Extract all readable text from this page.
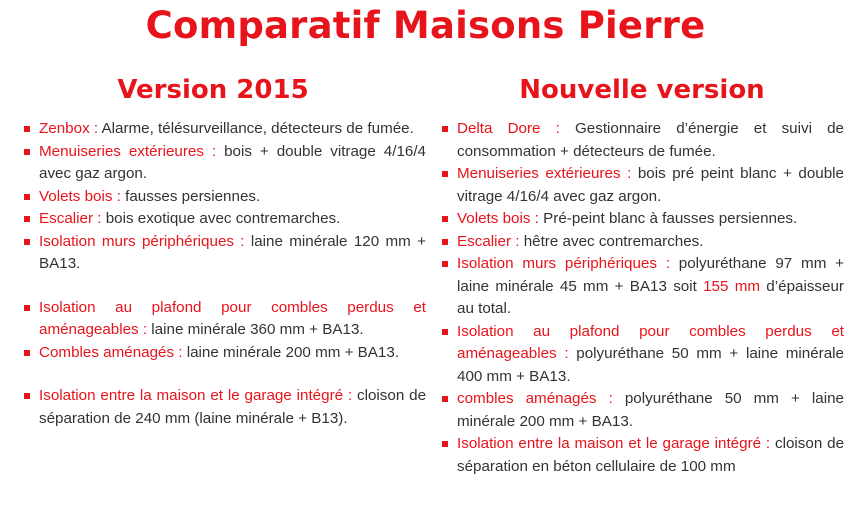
Comparatif Maisons Pierre
Version 2015
Zenbox : Alarme, télésurveillance, détecteurs de fumée.
Menuiseries extérieures : bois + double vitrage 4/16/4 avec gaz argon.
Volets bois : fausses persiennes.
Escalier : bois exotique avec contremarches.
Isolation murs périphériques : laine minérale 120 mm + BA13.
Isolation au plafond pour combles perdus et aménageables : laine minérale 360 mm + BA13.
Combles aménagés : laine minérale 200 mm + BA13.
Isolation entre la maison et le garage intégré : cloison de séparation de 240 mm (laine minérale + B13).
Nouvelle version
Delta Dore : Gestionnaire d’énergie et suivi de consommation + détecteurs de fumée.
Menuiseries extérieures : bois pré peint blanc + double vitrage 4/16/4 avec gaz argon.
Volets bois : Pré-peint blanc à fausses persiennes.
Escalier : hêtre avec contremarches.
Isolation murs périphériques : polyuréthane 97 mm + laine minérale 45 mm + BA13 soit 155 mm d’épaisseur au total.
Isolation au plafond pour combles perdus et aménageables : polyuréthane 50 mm + laine minérale 400 mm + BA13.
combles aménagés : polyuréthane 50 mm + laine minérale 200 mm + BA13.
Isolation entre la maison et le garage intégré : cloison de séparation en béton cellulaire de 100 mm
